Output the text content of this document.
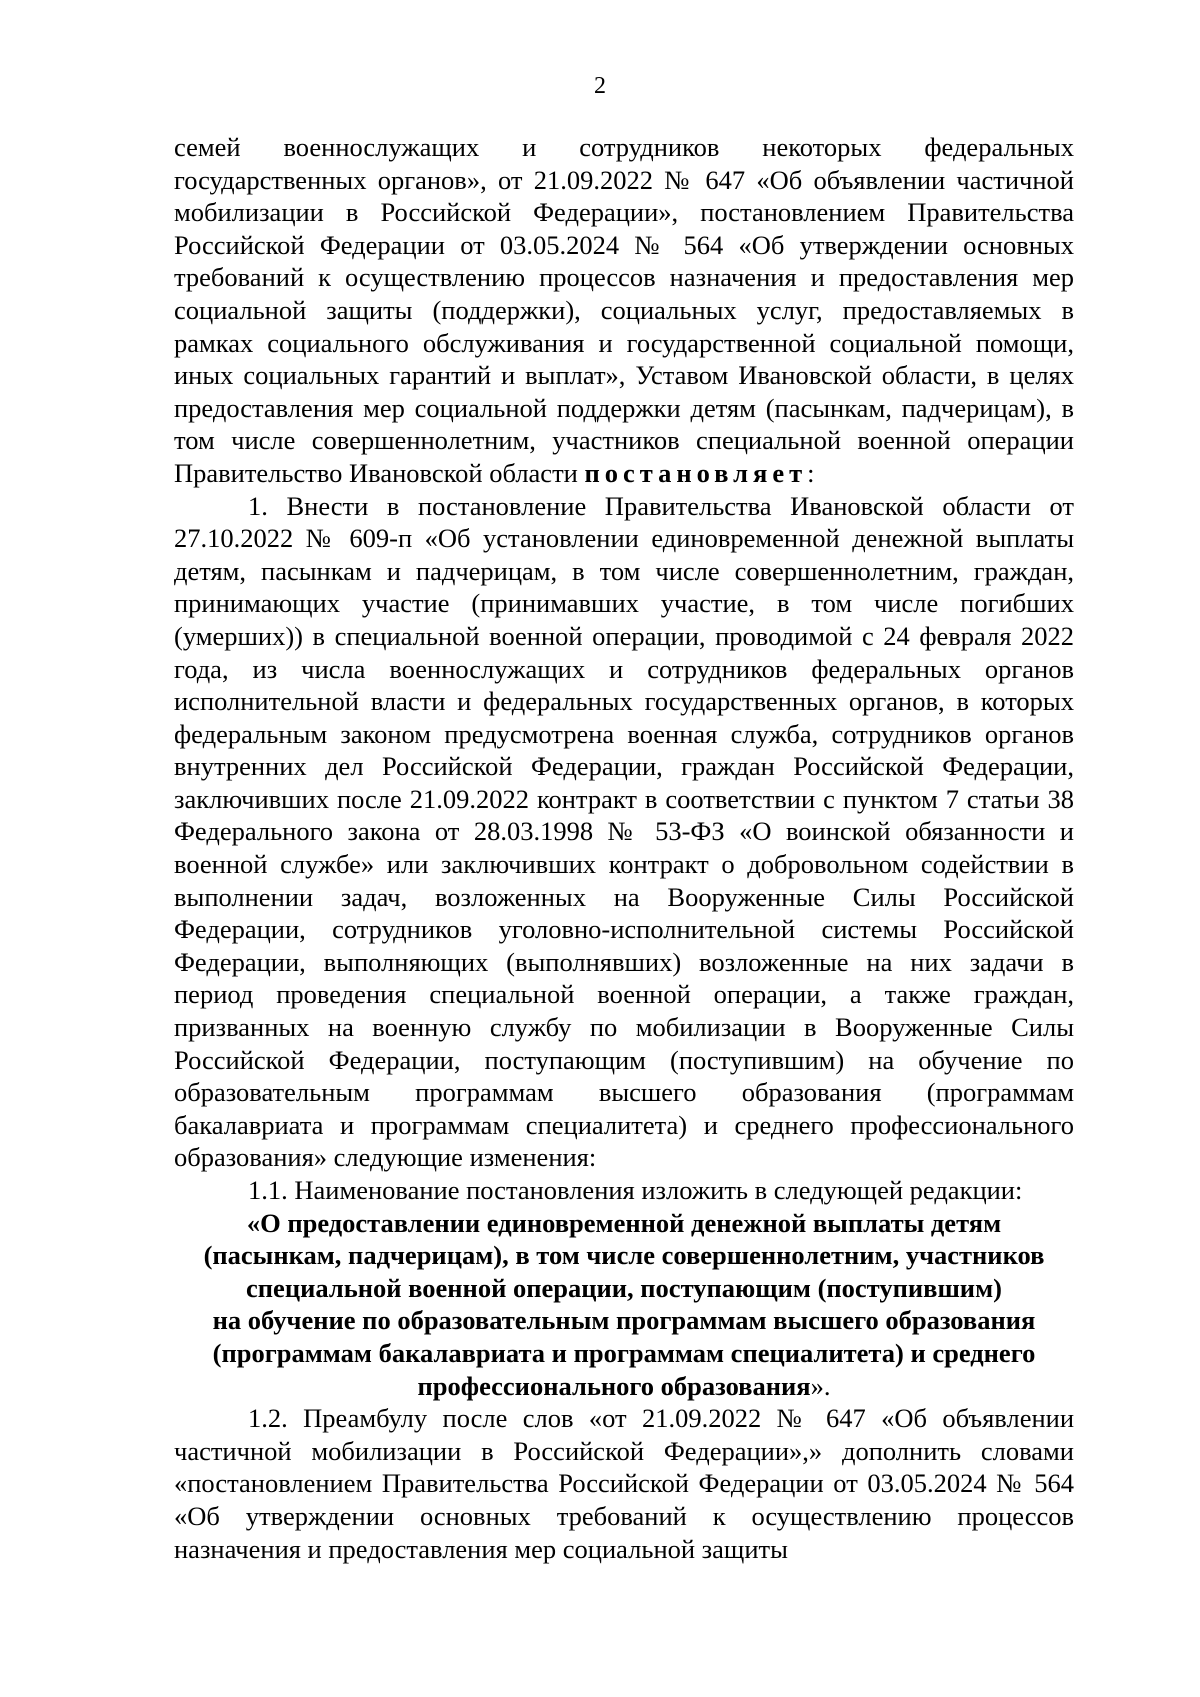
2

семей военнослужащих и сотрудников некоторых федеральных государственных органов», от 21.09.2022 № 647 «Об объявлении частичной мобилизации в Российской Федерации», постановлением Правительства Российской Федерации от 03.05.2024 № 564 «Об утверждении основных требований к осуществлению процессов назначения и предоставления мер социальной защиты (поддержки), социальных услуг, предоставляемых в рамках социального обслуживания и государственной социальной помощи, иных социальных гарантий и выплат», Уставом Ивановской области, в целях предоставления мер социальной поддержки детям (пасынкам, падчерицам), в том числе совершеннолетним, участников специальной военной операции Правительство Ивановской области постановляет:

1. Внести в постановление Правительства Ивановской области от 27.10.2022 № 609-п «Об установлении единовременной денежной выплаты детям, пасынкам и падчерицам, в том числе совершеннолетним, граждан, принимающих участие (принимавших участие, в том числе погибших (умерших)) в специальной военной операции, проводимой с 24 февраля 2022 года, из числа военнослужащих и сотрудников федеральных органов исполнительной власти и федеральных государственных органов, в которых федеральным законом предусмотрена военная служба, сотрудников органов внутренних дел Российской Федерации, граждан Российской Федерации, заключивших после 21.09.2022 контракт в соответствии с пунктом 7 статьи 38 Федерального закона от 28.03.1998 № 53-ФЗ «О воинской обязанности и военной службе» или заключивших контракт о добровольном содействии в выполнении задач, возложенных на Вооруженные Силы Российской Федерации, сотрудников уголовно-исполнительной системы Российской Федерации, выполняющих (выполнявших) возложенные на них задачи в период проведения специальной военной операции, а также граждан, призванных на военную службу по мобилизации в Вооруженные Силы Российской Федерации, поступающим (поступившим) на обучение по образовательным программам высшего образования (программам бакалавриата и программам специалитета) и среднего профессионального образования» следующие изменения:

1.1. Наименование постановления изложить в следующей редакции:

«О предоставлении единовременной денежной выплаты детям

(пасынкам, падчерицам), в том числе совершеннолетним, участников

специальной военной операции, поступающим (поступившим)

на обучение по образовательным программам высшего образования

(программам бакалавриата и программам специалитета) и среднего

профессионального образования».

1.2. Преамбулу после слов «от 21.09.2022 № 647 «Об объявлении частичной мобилизации в Российской Федерации»,» дополнить словами «постановлением Правительства Российской Федерации от 03.05.2024 № 564 «Об утверждении основных требований к осуществлению процессов назначения и предоставления мер социальной защиты
